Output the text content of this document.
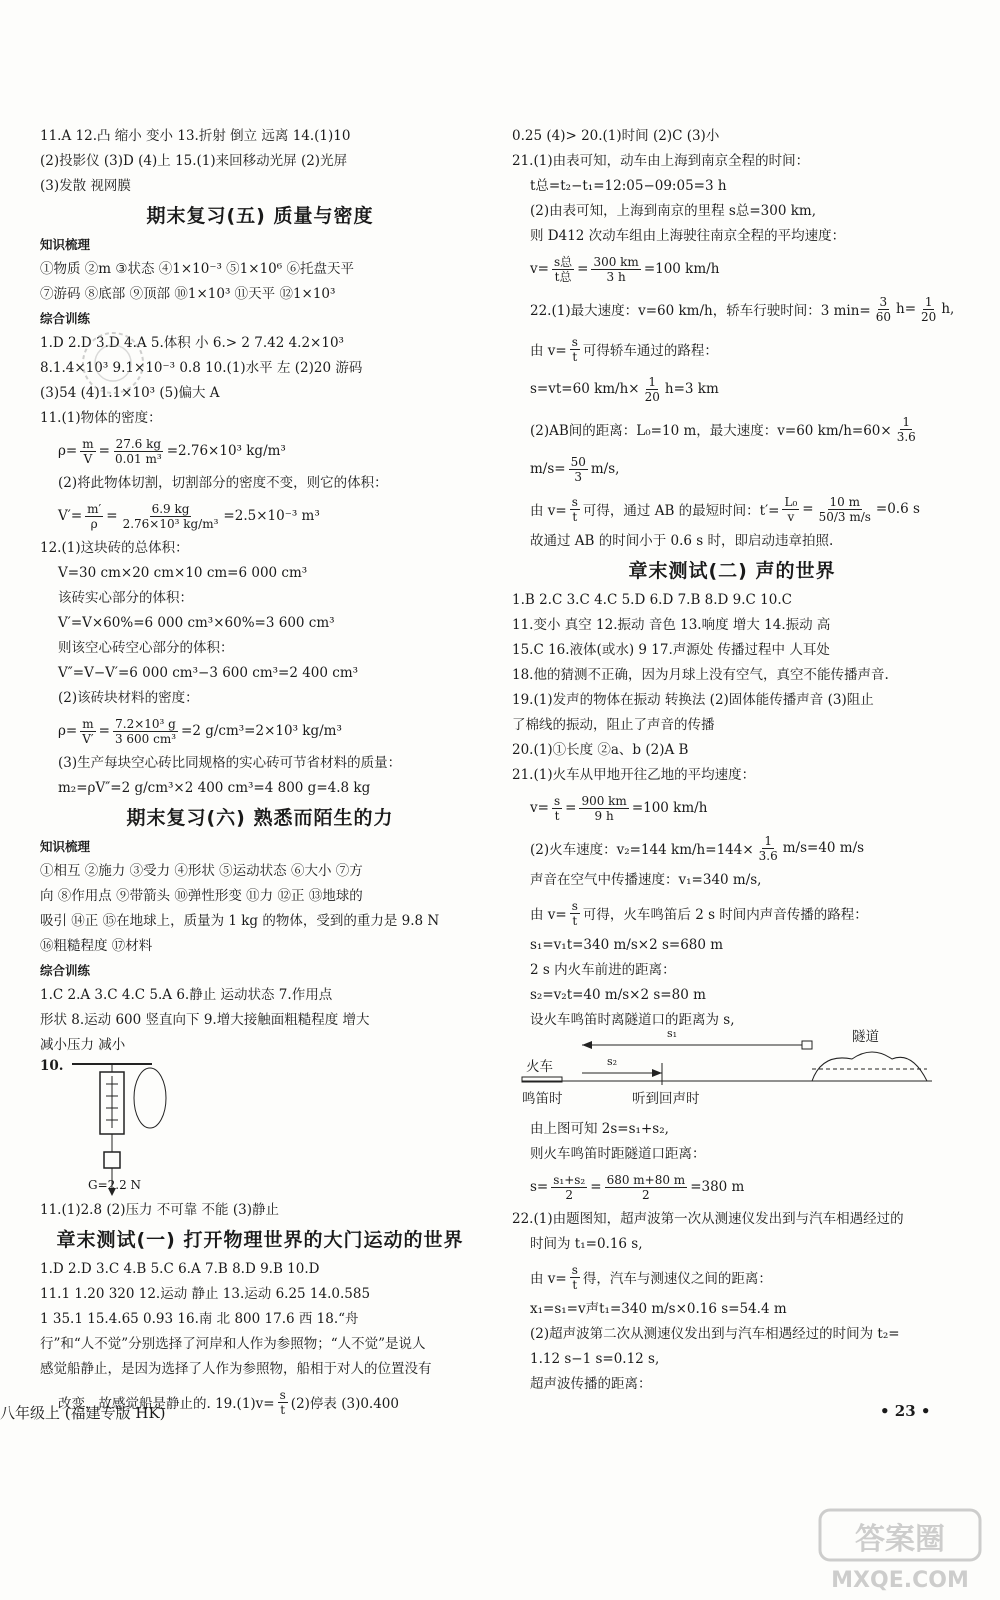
11.A 12.凸 缩小 变小 13.折射 倒立 远离 14.(1)10
(2)投影仪 (3)D (4)上 15.(1)来回移动光屏 (2)光屏
(3)发散 视网膜
期末复习(五) 质量与密度
知识梳理
①物质 ②m ③状态 ④1×10⁻³ ⑤1×10⁶ ⑥托盘天平
⑦游码 ⑧底部 ⑨顶部 ⑩1×10³ ⑪天平 ⑫1×10³
综合训练
1.D 2.D 3.D 4.A 5.体积 小 6.> 2 7.42 4.2×10³
8.1.4×10³ 9.1×10⁻³ 0.8 10.(1)水平 左 (2)20 游码
(3)54 (4)1.1×10³ (5)偏大 A
11.(1)物体的密度：
$\rho= \frac{m}{V} = \frac{27.6 kg}{\text{0.01 m³}} =2.76\times 10^3$ kg/m³
(2)将此物体切割，切割部分的密度不变，则它的体积：
$V'= \frac{m'}{\rho} = \frac{6.9 kg}{\text{2.76×10³ kg/m³}} =2.5\times 10^{-3}$ m³
12.(1)这块砖的总体积：
V=30 cm×20 cm×10 cm=6 000 cm³
该砖实心部分的体积：
V′=V×60%=6 000 cm³×60%=3 600 cm³
则该空心砖空心部分的体积：
V″=V−V′=6 000 cm³−3 600 cm³=2 400 cm³
(2)该砖块材料的密度：
$\rho= \frac{m}{V'} = \frac{\text{7.2×10³ g}}{\text{3 600 cm³}} =2$ g/cm³=2×10³ kg/m³
(3)生产每块空心砖比同规格的实心砖可节省材料的质量：
m₂=ρV″=2 g/cm³×2 400 cm³=4 800 g=4.8 kg
期末复习(六) 熟悉而陌生的力
知识梳理
①相互 ②施力 ③受力 ④形状 ⑤运动状态 ⑥大小 ⑦方
向 ⑧作用点 ⑨带箭头 ⑩弹性形变 ⑪力 ⑫正 ⑬地球的
吸引 ⑭正 ⑮在地球上，质量为 1 kg 的物体，受到的重力是 9.8 N
⑯粗糙程度 ⑰材料
综合训练
1.C 2.A 3.C 4.C 5.A 6.静止 运动状态 7.作用点
形状 8.运动 600 竖直向下 9.增大接触面粗糙程度 增大
减小压力 减小
10.
G=2.2 N
11.(1)2.8 (2)压力 不可靠 不能 (3)静止
章末测试(一) 打开物理世界的大门运动的世界
1.D 2.D 3.C 4.B 5.C 6.A 7.B 8.D 9.B 10.D
11.1 1.20 320 12.运动 静止 13.运动 6.25 14.0.585
1 35.1 15.4.65 0.93 16.南 北 800 17.6 西 18.“舟
行”和“人不觉”分别选择了河岸和人作为参照物；“人不觉”是说人
感觉船静止，是因为选择了人作为参照物，船相于对人的位置没有
改变，故感觉船是静止的. $19.(1)v= \frac{s}{t} (2)$停表 (3)0.400
0.25 (4)> 20.(1)时间 (2)C (3)小
21.(1)由表可知，动车由上海到南京全程的时间：
t总=t₂−t₁=12:05−09:05=3 h
(2)由表可知，上海到南京的里程 s总=300 km,
则 D412 次动车组由上海驶往南京全程的平均速度：
$v= \frac{\text{s总}}{\text{t总}} = \frac{300 km}{3 h} =100$ km/h
22.(1)最大速度：v=60 km/h，轿车行驶时间：3 $\min= \frac{3}{60} h= \frac{1}{20} h$,
由 $v= \frac{s}{t}$ 可得轿车通过的路程：
s=vt=60 $km/h\times \frac{1}{20} h=3$ km
(2)AB间的距离：L₀=10 m，最大速度：v=60 $km/h=60\times \frac{1}{3.6}$
$m/s= \frac{50}{3} m/s$,
由 $v= \frac{s}{t}$ 可得，通过 AB 的最短时间：$t'= \frac{\text{L₀}}{v} = \frac{10 m}{50/3 m/s} =0.6$ s
故通过 AB 的时间小于 0.6 s 时，即启动违章拍照.
章末测试(二) 声的世界
1.B 2.C 3.C 4.C 5.D 6.D 7.B 8.D 9.C 10.C
11.变小 真空 12.振动 音色 13.响度 增大 14.振动 高
15.C 16.液体(或水) 9 17.声源处 传播过程中 人耳处
18.他的猜测不正确，因为月球上没有空气，真空不能传播声音.
19.(1)发声的物体在振动 转换法 (2)固体能传播声音 (3)阻止
了棉线的振动，阻止了声音的传播
20.(1)①长度 ②a、b (2)A B
21.(1)火车从甲地开往乙地的平均速度：
$v= \frac{s}{t} = \frac{900 km}{9 h} =100$ km/h
(2)火车速度：v₂=144 $km/h=144\times \frac{1}{3.6} m/s=40$ m/s
声音在空气中传播速度：v₁=340 m/s,
由 $v= \frac{s}{t}$ 可得，火车鸣笛后 2 s 时间内声音传播的路程：
s₁=v₁t=340 m/s×2 s=680 m
2 s 内火车前进的距离：
s₂=v₂t=40 m/s×2 s=80 m
设火车鸣笛时离隧道口的距离为 s,
火车
隧道
s₁
s₂
鸣笛时	听到回声时
由上图可知 2s=s₁+s₂,
则火车鸣笛时距隧道口距离：
$s= \frac{\text{s₁+s₂}}{2} = \frac{680 m+80 m}{2} =380$ m
22.(1)由题图知，超声波第一次从测速仪发出到与汽车相遇经过的
时间为 t₁=0.16 s,
由 $v= \frac{s}{t}$ 得，汽车与测速仪之间的距离：
x₁=s₁=v声t₁=340 m/s×0.16 s=54.4 m
(2)超声波第二次从测速仪发出到与汽车相遇经过的时间为 t₂=
1.12 s−1 s=0.12 s,
超声波传播的距离：
八年级上 (福建专版 HK)	• 23 •
答案圈
MXQE.COM
